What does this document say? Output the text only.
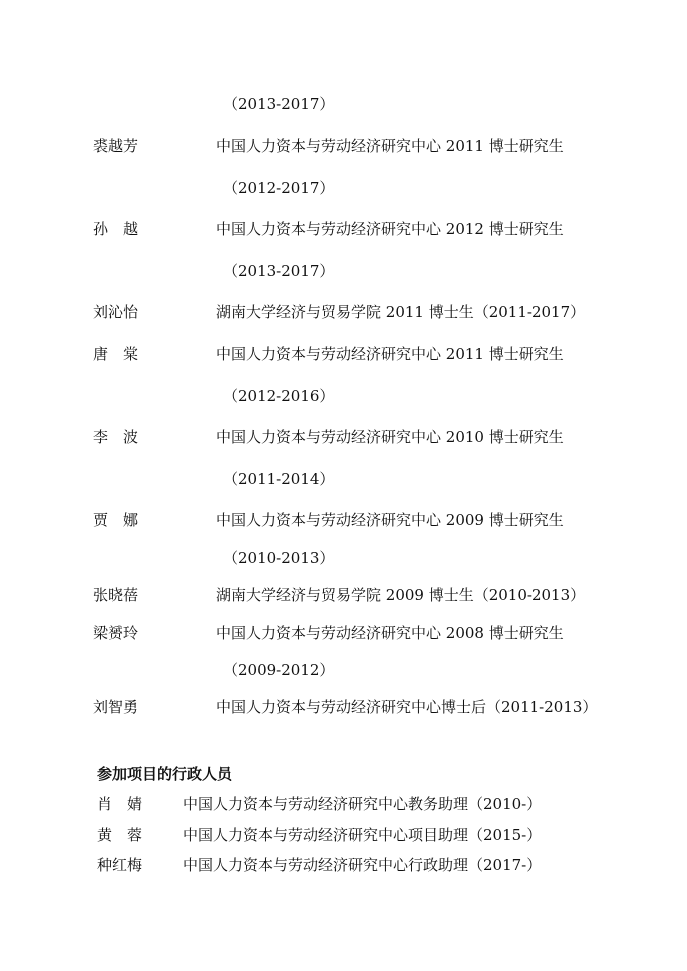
（2013-2017）
裘越芳	中国人力资本与劳动经济研究中心 2011 博士研究生
（2012-2017）
孙　越	中国人力资本与劳动经济研究中心 2012 博士研究生
（2013-2017）
刘沁怡	湖南大学经济与贸易学院 2011 博士生（2011-2017）
唐　棠	中国人力资本与劳动经济研究中心 2011 博士研究生
（2012-2016）
李　波	中国人力资本与劳动经济研究中心 2010 博士研究生
（2011-2014）
贾　娜	中国人力资本与劳动经济研究中心 2009 博士研究生
（2010-2013）
张晓蓓	湖南大学经济与贸易学院 2009 博士生（2010-2013）
梁赟玲	中国人力资本与劳动经济研究中心 2008 博士研究生
（2009-2012）
刘智勇	中国人力资本与劳动经济研究中心博士后（2011-2013）
参加项目的行政人员
肖　婧	中国人力资本与劳动经济研究中心教务助理（2010-）
黄　蓉	中国人力资本与劳动经济研究中心项目助理（2015-）
种红梅	中国人力资本与劳动经济研究中心行政助理（2017-）
